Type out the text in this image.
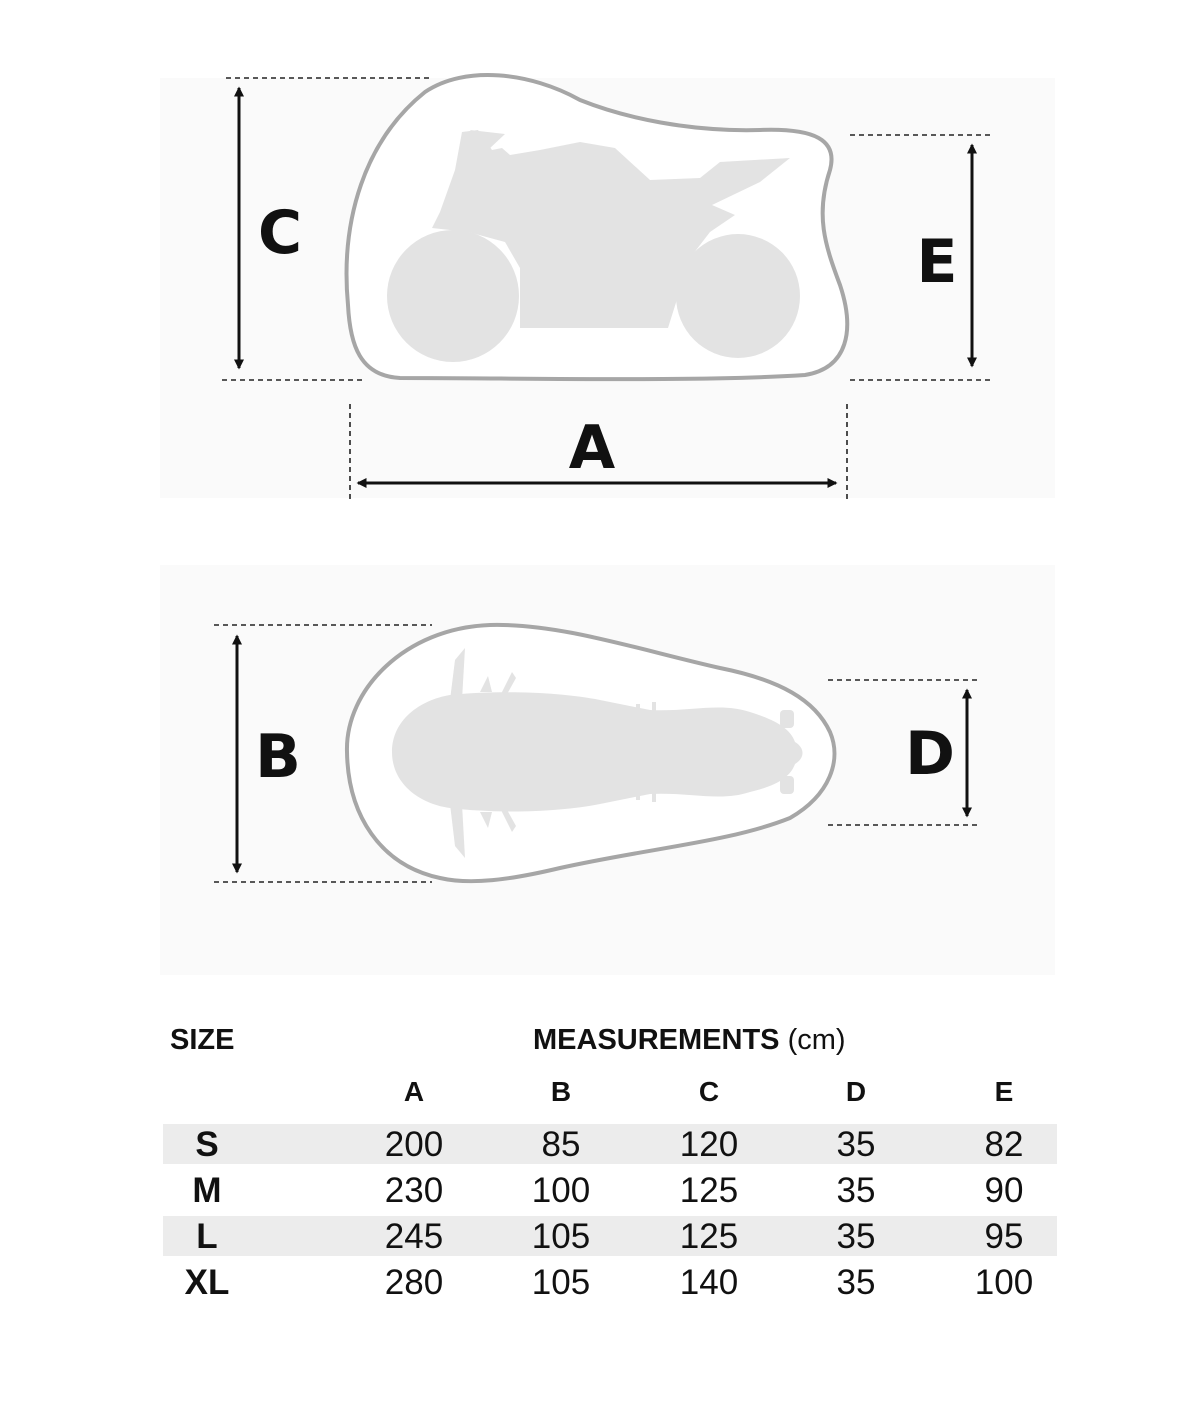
C	E
A
B	D
SIZE	MEASUREMENTS (cm)
A	B	C	D	E
S	200	85	120	35	82
M	230	100	125	35	90
L	245	105	125	35	95
XL	280	105	140	35	100
